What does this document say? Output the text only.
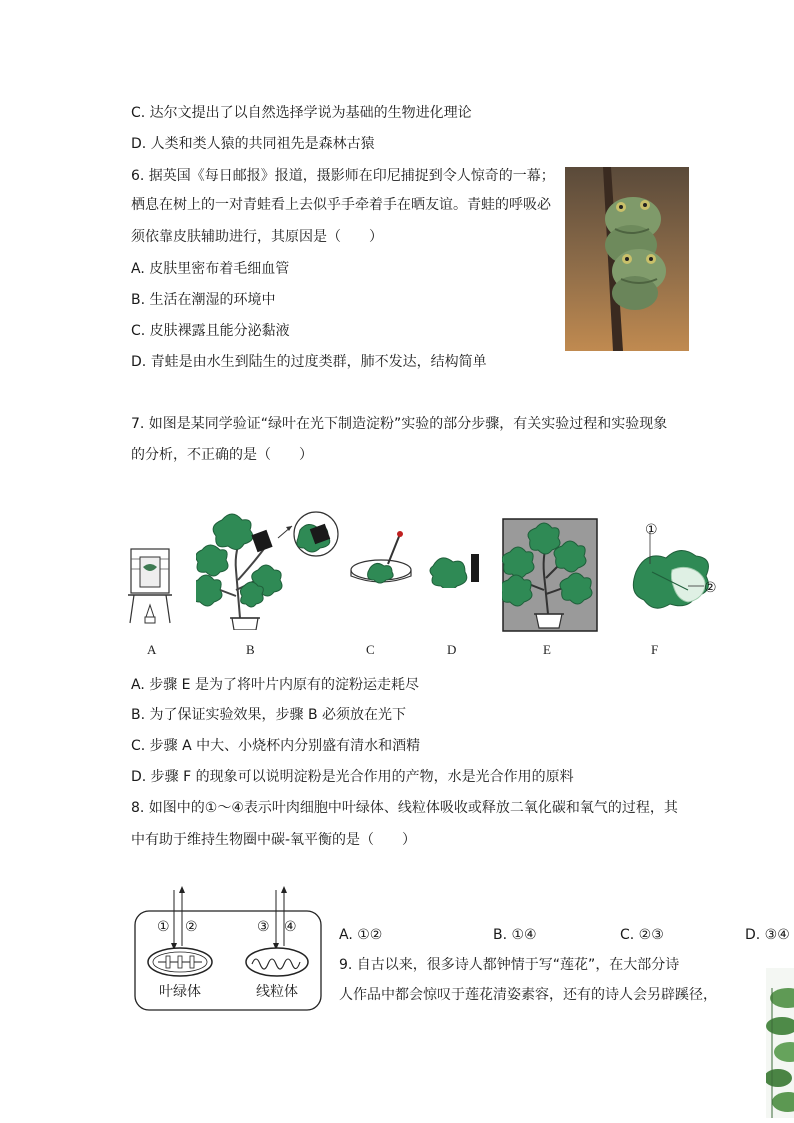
C. 达尔文提出了以自然选择学说为基础的生物进化理论
D. 人类和类人猿的共同祖先是森林古猿
6. 据英国《每日邮报》报道，摄影师在印尼捕捉到令人惊奇的一幕；
栖息在树上的一对青蛙看上去似乎手牵着手在晒友谊。青蛙的呼吸必
须依靠皮肤辅助进行，其原因是（　　）
A. 皮肤里密布着毛细血管
B. 生活在潮湿的环境中
C. 皮肤裸露且能分泌黏液
D. 青蛙是由水生到陆生的过度类群，肺不发达，结构简单
7. 如图是某同学验证“绿叶在光下制造淀粉”实验的部分步骤，有关实验过程和实验现象
的分析，不正确的是（　　）
①
②
A	B	C	D	E	F
A. 步骤 E 是为了将叶片内原有的淀粉运走耗尽
B. 为了保证实验效果，步骤 B 必须放在光下
C. 步骤 A 中大、小烧杯内分别盛有清水和酒精
D. 步骤 F 的现象可以说明淀粉是光合作用的产物，水是光合作用的原料
8. 如图中的①～④表示叶肉细胞中叶绿体、线粒体吸收或释放二氧化碳和氧气的过程，其
中有助于维持生物圈中碳-氧平衡的是（　　）
① ②	③ ④
叶绿体	线粒体
A. ①②	B. ①④	C. ②③	D. ③④
9. 自古以来，很多诗人都钟情于写“莲花”，在大部分诗
人作品中都会惊叹于莲花清姿素容，还有的诗人会另辟蹊径，
